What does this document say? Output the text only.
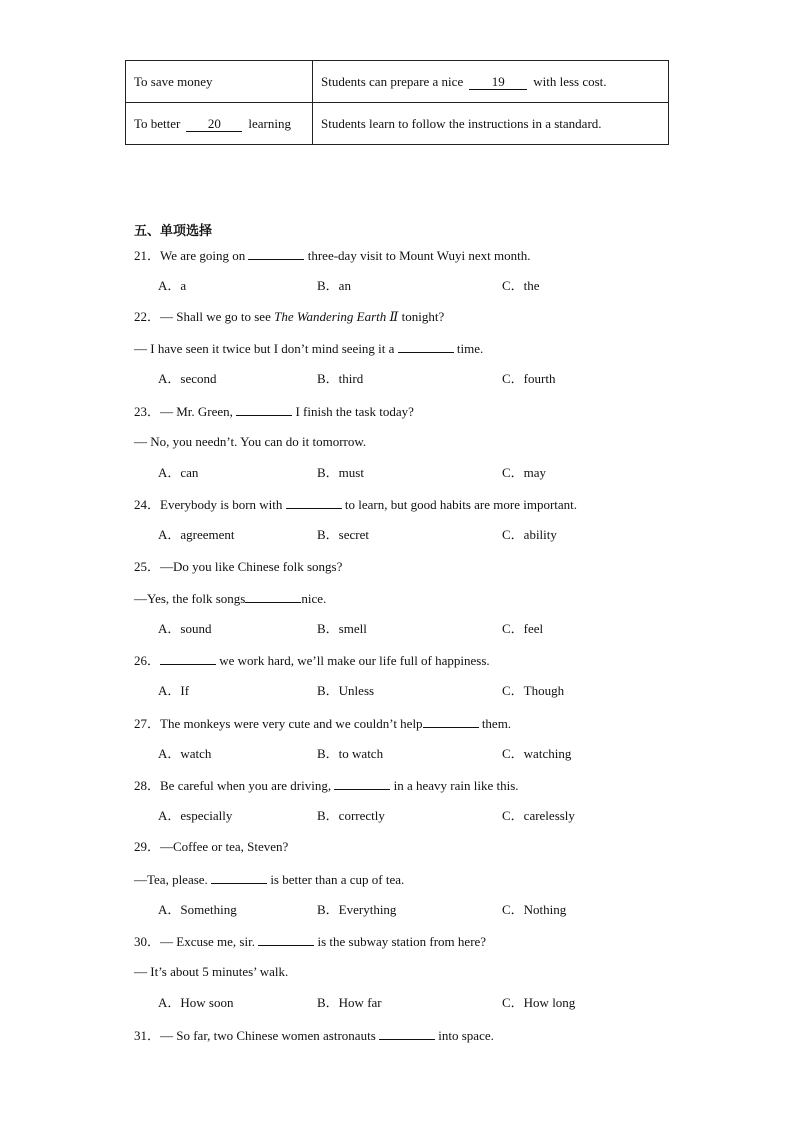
To save money	Students can prepare a nice 19 with less cost.
To better 20 learning	Students learn to follow the instructions in a standard.
五、单项选择
21．We are going on	three-day visit to Mount Wuyi next month.
A．a	B．an	C．the
22．— Shall we go to see The Wandering Earth Ⅱ tonight?
— I have seen it twice but I don’t mind seeing it a	time.
A．second	B．third	C．fourth
23．— Mr. Green,	I finish the task today?
— No, you needn’t. You can do it tomorrow.
A．can	B．must	C．may
24．Everybody is born with	to learn, but good habits are more important.
A．agreement	B．secret	C．ability
25．—Do you like Chinese folk songs?
—Yes, the folk songs	nice.
A．sound	B．smell	C．feel
26．	we work hard, we’ll make our life full of happiness.
A．If	B．Unless	C．Though
27．The monkeys were very cute and we couldn’t help	them.
A．watch	B．to watch	C．watching
28．Be careful when you are driving,	in a heavy rain like this.
A．especially	B．correctly	C．carelessly
29．—Coffee or tea, Steven?
—Tea, please.	is better than a cup of tea.
A．Something	B．Everything	C．Nothing
30．— Excuse me, sir.	is the subway station from here?
— It’s about 5 minutes’ walk.
A．How soon	B．How far	C．How long
31．— So far, two Chinese women astronauts	into space.
